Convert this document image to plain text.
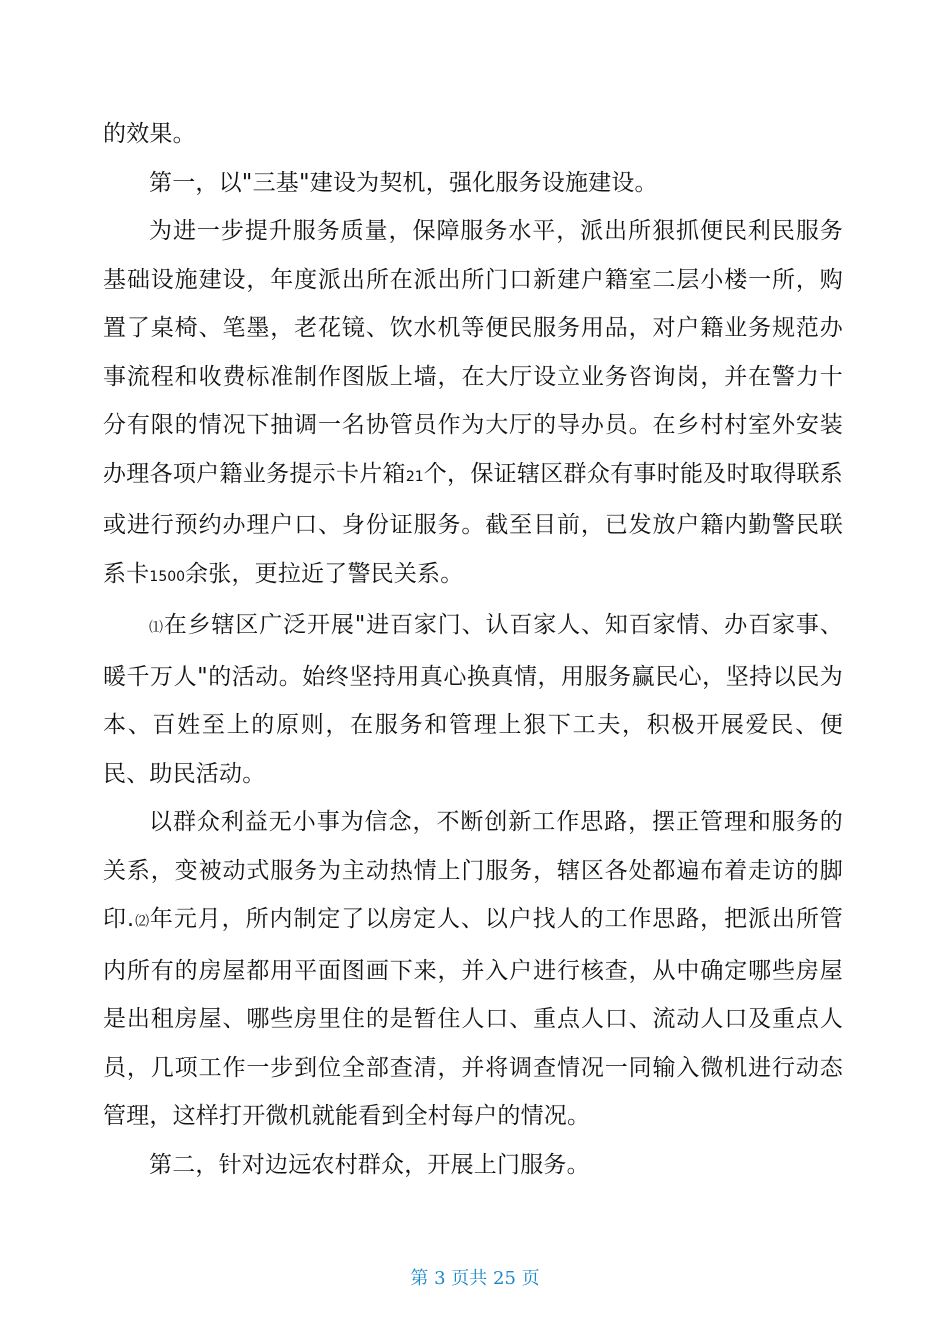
的效果。

第一，以"三基"建设为契机，强化服务设施建设。

为进一步提升服务质量，保障服务水平，派出所狠抓便民利民服务基础设施建设，年度派出所在派出所门口新建户籍室二层小楼一所，购置了桌椅、笔墨，老花镜、饮水机等便民服务用品，对户籍业务规范办事流程和收费标准制作图版上墙，在大厅设立业务咨询岗，并在警力十分有限的情况下抽调一名协管员作为大厅的导办员。在乡村村室外安装办理各项户籍业务提示卡片箱21个，保证辖区群众有事时能及时取得联系或进行预约办理户口、身份证服务。截至目前，已发放户籍内勤警民联系卡1500余张，更拉近了警民关系。

⑴在乡辖区广泛开展"进百家门、认百家人、知百家情、办百家事、暖千万人"的活动。始终坚持用真心换真情，用服务赢民心，坚持以民为本、百姓至上的原则，在服务和管理上狠下工夫，积极开展爱民、便民、助民活动。

以群众利益无小事为信念，不断创新工作思路，摆正管理和服务的关系，变被动式服务为主动热情上门服务，辖区各处都遍布着走访的脚印.⑵年元月，所内制定了以房定人、以户找人的工作思路，把派出所管内所有的房屋都用平面图画下来，并入户进行核查，从中确定哪些房屋是出租房屋、哪些房里住的是暂住人口、重点人口、流动人口及重点人员，几项工作一步到位全部查清，并将调查情况一同输入微机进行动态管理，这样打开微机就能看到全村每户的情况。

第二，针对边远农村群众，开展上门服务。

第 3 页共 25 页
